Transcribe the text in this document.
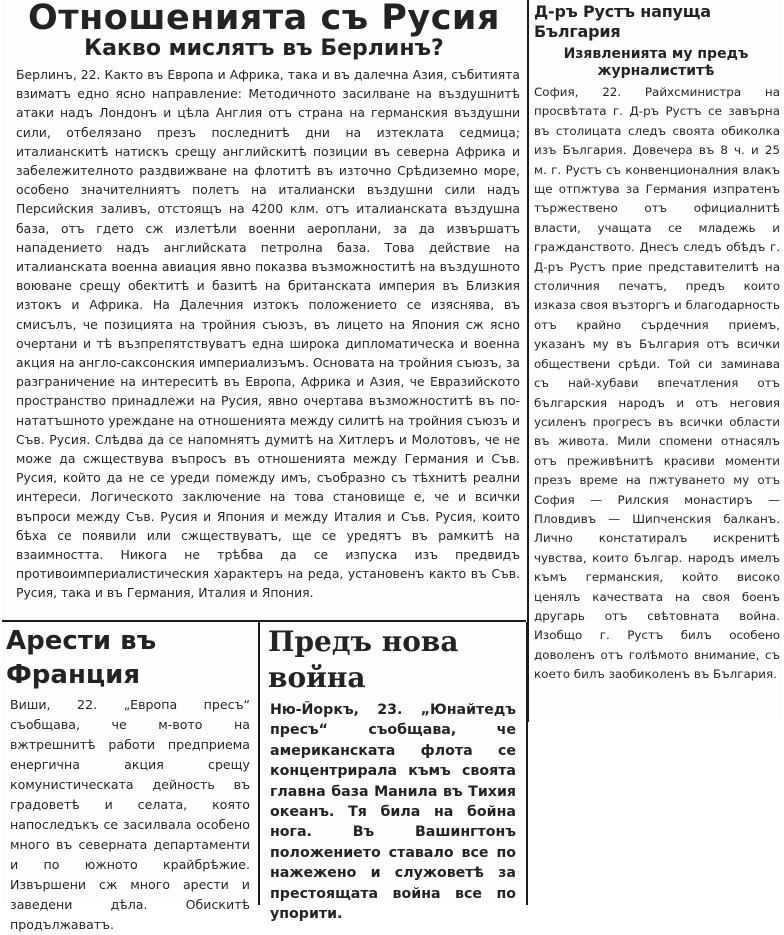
Отношенията съ Русия
Какво мислятъ въ Берлинъ?
Берлинъ, 22. Както въ Европа и Африка, така и въ далечна Азия, събитията взиматъ едно ясно направление: Методичното засилване на въздушнитѣ атаки надъ Лондонъ и цѣла Англия отъ страна на германския въздушни сили, отбелязано презъ последнитѣ дни на изтеклата седмица; италианскитѣ натискъ срещу английскитѣ позиции въ северна Африка и забележителното раздвижване на флотитѣ въ източно Срѣдиземно море, особено значителниятъ полетъ на италиански въздушни сили надъ Персийския заливъ, отстоящъ на 4200 клм. отъ италианската въздушна база, отъ гдето сж излетѣли военни аероплани, за да извършатъ нападението надъ английската петролна база. Това действие на италианската военна авиация явно показва възможноститѣ на въздушното воюване срещу обектитѣ и базитѣ на британската империя въ Близкия изтокъ и Африка. На Далечния изтокъ положението се изяснява, въ смисълъ, че позицията на тройния съюзъ, въ лицето на Япония сж ясно очертани и тѣ възпрепятствуватъ една широка дипломатическа и военна акция на англо-саксонския империализъмъ. Основата на тройния съюзъ, за разграничение на интереситѣ въ Европа, Африка и Азия, че Евразийското пространство принадлежи на Русия, явно очертава възможноститѣ въ по-нататъшното уреждане на отношенията между силитѣ на тройния съюзъ и Съв. Русия. Слѣдва да се напомнятъ думитѣ на Хитлеръ и Молотовъ, че не може да сжществува въпросъ въ отношенията между Германия и Съв. Русия, който да не се уреди помежду имъ, съобразно съ тѣхнитѣ реални интереси. Логическото заключение на това становище е, че и всички въпроси между Съв. Русия и Япония и между Италия и Съв. Русия, които бѣха се появили или сжществуватъ, ще се уредятъ въ рамкитѣ на взаимността. Никога не трѣбва да се изпуска изъ предвидъ противоимпериалистическия характеръ на реда, установенъ както въ Съв. Русия, така и въ Германия, Италия и Япония.
Д-ръ Рустъ напуща България
Изявленията му предъ журналиститѣ
София, 22. Райхсминистра на просвѣтата г. Д-ръ Рустъ се завърна въ столицата следъ своята обиколка изъ България. Довечера въ 8 ч. и 25 м. г. Рустъ съ конвенционалния влакъ ще отпжтува за Германия изпратенъ тържествено отъ официалнитѣ власти, учащата се младежь и гражданството. Днесъ следъ обѣдъ г. Д-ръ Рустъ прие представителитѣ на столичния печатъ, предъ които изказа своя възторгъ и благодарность отъ крайно сърдечния приемъ, указанъ му въ България отъ всички обществени срѣди. Той си заминава съ най-хубави впечатления отъ българския народъ и отъ неговия усиленъ прогресъ въ всички области въ живота. Мили спомени отнасялъ отъ преживѣнитѣ красиви моменти презъ време на пжтуването му отъ София — Рилския монастиръ — Пловдивъ — Шипченския балканъ. Лично констатиралъ искренитѣ чувства, които българ. народъ имелъ къмъ германския, който високо ценялъ качествата на своя боенъ другарь отъ свѣтовната война. Изобщо г. Рустъ билъ особено доволенъ отъ голѣмото внимание, съ което билъ заобиколенъ въ България.
Арести въ Франция
Виши, 22. „Европа пресъ“ съобщава, че м-вото на вжтрешнитѣ работи предприема енергична акция срещу комунистическата дейность въ градоветѣ и селата, която напоследъкъ се засилвала особено много въ северната департаменти и по южното крайбрѣжие. Извършени сж много арести и заведени дѣла. Обискитѣ продължаватъ.
Предъ нова война
Ню-Йоркъ, 23. „Юнайтедъ пресъ“ съобщава, че американската флота се концентрирала къмъ своята главна база Манила въ Тихия океанъ. Тя била на бойна нога. Въ Вашингтонъ положението ставало все по нажежено и служоветѣ за престоящата война все по упорити.
